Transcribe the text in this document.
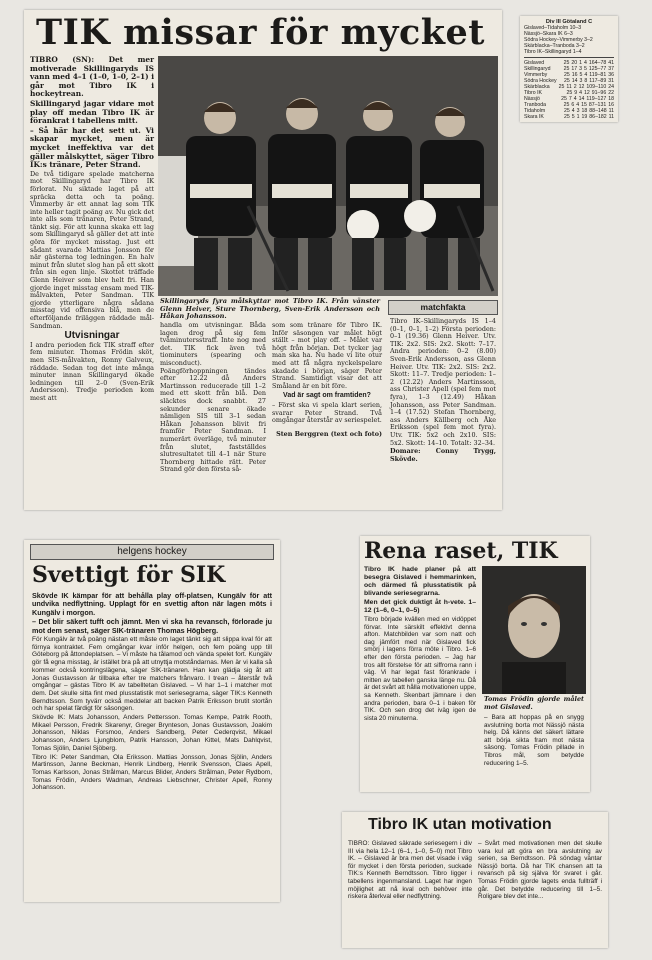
TIK missar för mycket

TIBRO (SN): Det mer motiverade Skillingaryds IS vann med 4–1 (1–0, 1–0, 2–1) i går mot Tibro IK i hockeytrean.

Skillingaryd jagar vidare mot play off medan Tibro IK är förankrat i tabellens mitt.

– Så här har det sett ut. Vi skapar mycket, men är mycket ineffektiva var det gäller målskyttet, säger Tibro IK:s tränare, Peter Strand.

De två tidigare spelade matcherna mot Skillingaryd har Tibro IK förlorat. Nu siktade laget på att spräcka detta och ta poäng. Vimmerby är ett annat lag som TIK inte heller tagit poäng av. Nu gick det inte alls som tränaren, Peter Strand, tänkt sig. För att kunna skaka ett lag som Skillingaryd så gäller det att inte göra för mycket misstag. Just ett sådant svarade Mattias Jonsson för när gästerna tog ledningen. En halv minut från slutet slog han på ett skott från sin egen linje. Skottet träffade Glenn Heiver som blev helt fri. Han gjorde inget misstag ensam med TIK-målvakten, Peter Sandman. TIK gjorde ytterligare några sådana misstag vid offensiva blå, men de efterföljande friläggen räddade mål-Sandman.

Utvisningar

I andra perioden fick TIK straff efter fem minuter. Thomas Frödin sköt, men SIS-målvakten, Ronny Galveux, räddade. Sedan tog det inte många minuter innan Skillingaryd ökade ledningen till 2–0 (Sven-Erik Andersson). Tredje perioden kom mest att

Skillingaryds fyra målskyttar mot Tibro IK. Från vänster Glenn Heiver, Sture Thornberg, Sven-Erik Andersson och Håkan Johansson.
handla om utvisningar. Båda lagen drog på sig fem tvåminutersstraff. Inte nog med det. TIK fick även två tiominuters (spearing och misconduct). Poängförhoppningen tändes efter 12.22 då Anders Martinsson reducerade till 1–2 med ett skott från blå. Den släcktes dock snabbt. 27 sekunder senare ökade nämligen SIS till 3–1 sedan Håkan Johansson blivit fri framför Peter Sandman. I numerärt överläge, två minuter från slutet, fastställdes slutresultatet till 4–1 när Sture Thornberg hittade rätt. Peter Strand gör den första så-

som som tränare för Tibro IK. Inför säsongen var målet högt ställt – mot play off. – Målet var högt från början. Det tycker jag man ska ha. Nu hade vi lite otur med att få några nyckelspelare skadade i början, säger Peter Strand. Samtidigt visar det att Småland är en bit före.

Vad är sagt om framtiden?

– Först ska vi spela klart serien, svarar Peter Strand. Två omgångar återstår av seriespelet.

Sten Berggren (text och foto)

matchfakta

Tibro IK–Skillingaryds IS 1–4 (0–1, 0–1, 1–2) Första perioden: 0–1 (19.36) Glenn Heiver. Utv. TIK: 2x2. SIS: 2x2. Skott: 7–17. Andra perioden: 0–2 (8.00) Sven-Erik Andersson, ass Glenn Heiver. Utv. TIK: 2x2. SIS: 2x2. Skott: 11–7. Tredje perioden: 1–2 (12.22) Anders Martinsson, ass Christer Apell (spel fem mot fyra), 1–3 (12.49) Håkan Johansson, ass Peter Sandman. 1–4 (17.52) Stefan Thornberg, ass Anders Källberg och Åke Eriksson (spel fem mot fyra). Utv. TIK: 5x2 och 2x10. SIS: 5x2. Skott: 14–10. Totalt: 32–34.

Domare: Conny Trygg, Skövde.

Div III Götaland C
Gislaved–Tidaholm 10–3
Nässjö–Skara IK 6–3
Södra Hockey–Vimmerby 3–2
Skärblacka–Tranboda 3–2
Tibro IK–Skillingaryd 1–4
Gislaved	25 20 1 4 164–78 41
Skillingaryd	25 17 3 5 125–77 37
Vimmerby	25 16 5 4 119–81 36
Södra Hockey	25 14 3 8 117–89 31
Skärblacka	25 11 2 12 109–110 24
Tibro IK	25 9 4 12 91–96 22
Nässjö	25 7 4 14 119–127 18
Tranboda	25 6 4 15 87–131 16
Tidaholm	25 4 3 18 88–148 11
Skara IK	25 5 1 19 86–182 11
helgens hockey
Svettigt för SIK

Skövde IK kämpar för att behålla play off-platsen, Kungälv för att undvika nedflyttning. Upplagt för en svettig afton när lagen möts i Kungälv i morgon.

– Det blir säkert tufft och jämnt. Men vi ska ha revansch, förlorade ju mot dem senast, säger SIK-tränaren Thomas Högberg.

För Kungälv är två poäng nästan ett måste om laget tänkt sig att slippa kval för att förnya kontraktet. Fem omgångar kvar inför helgen, och fem poäng upp till Göteborg på åttondeplatsen. – Vi måste ha tålamod och vända spelet fort. Kungälv gör få egna misstag, är istället bra på att utnyttja motståndarnas. Men är vi kalla så kommer också kontringslägena, säger SIK-tränaren. Han kan glädja sig åt att Jonas Gustavsson är tillbaka efter tre matchers frånvaro. I trean – återstår två omgångar – gästas Tibro IK av tabelltetan Gislaved. – Vi har 1–1 i matcher mot dem. Det skulle sitta fint med plusstatistik mot seriesegrarna, säger TIK:s Kenneth Berndtsson. Som tyvärr också meddelar att backen Patrik Eriksson brutit stortån och har spelat färdigt för säsongen.

Skövde IK: Mats Johansson, Anders Pettersson. Tomas Kempe, Patrik Rooth, Mikael Persson, Fredrik Skarenyr, Greger Brynteson, Jonas Gustavsson, Joakim Johansson, Niklas Forsmoo, Anders Sandberg, Peter Cederqvist, Mikael Johansson, Anders Ljungblom, Patrik Hansson, Johan Kittel, Mats Dahlqvist, Tomas Sjölin, Daniel Sjöberg.

Tibro IK: Peter Sandman, Ola Eriksson. Mattias Jonsson, Jonas Sjölin, Anders Martinsson, Janne Beckman, Henrik Lindberg, Henrik Svensson, Claes Apell, Tomas Karlsson, Jonas Strålman, Marcus Blider, Anders Strålman, Peter Rydbom, Tomas Frödin, Anders Wadman, Andreas Liebschner, Christer Apell, Ronny Johansson.

Rena raset, TIK

Tibro IK hade planer på att besegra Gislaved i hemmarinken, och därmed få plusstatistik på blivande seriesegrarna.

Men det gick duktigt åt h-vete. 1–12 (1–6, 0–1, 0–5)

Tibro började kvällen med en vidöppet förvar. Inte särskilt effektivt denna afton. Matchbilden var som natt och dag jämfört med när Gislaved fick smörj i lagens förra möte i Tibro. 1–6 efter den första perioden. – Jag har tros allt förstelse för att siffrorna rann i väg. Vi har legat fast förankrade i mitten av tabellen ganska länge nu. Då är det svårt att hålla motivationen uppe, sa Kenneth. Skenbart jämnare i den andra perioden, bara 0–1 i baken för TIK. Och sen drog det iväg igen de sista 20 minuterna.

Tomas Frödin gjorde målet mot Gislaved.
– Bara att hoppas på en snygg avslutning borta mot Nässjö nästa helg. Då känns det säkert lättare att börja sikta fram mot nästa säsong. Tomas Frödin pillade in Tibros mål, som betydde reducering 1–5.
Tibro IK utan motivation
TIBRO: Gislaved säkrade seriesegern i div III via hela 12–1 (6–1, 1–0, 5–0) mot Tibro IK. – Gislaved är bra men det visade i väg för mycket i den första perioden, suckade TIK:s Kenneth Berndtsson. Tibro ligger i tabellens ingenmansland. Laget har ingen möjlighet att nå kval och behöver inte riskera återkval eller nedflyttning.
– Svårt med motivationen men det skulle vara kul att göra en bra avslutning av serien, sa Berndtsson. På söndag väntar Nässjö borta. Då har TIK chansen att ta revansch på sig själva för svaret i går. Tomas Frödin gjorde lagets enda fullträff i går. Det betydde reducering till 1–5. Roligare blev det inte...
